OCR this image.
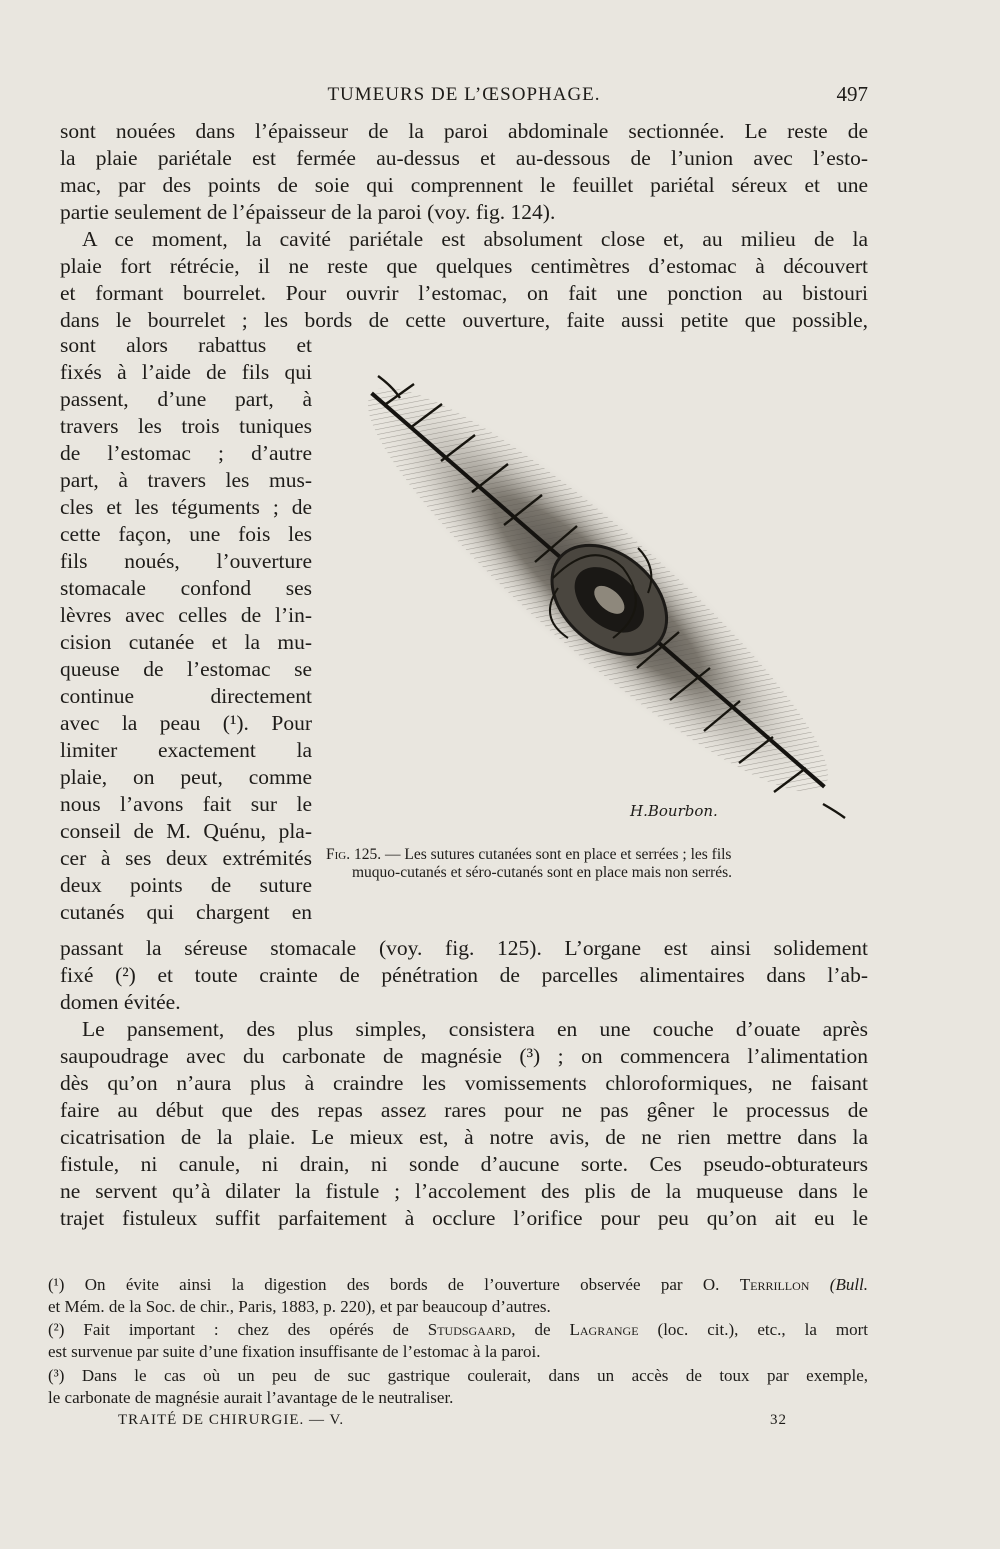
TUMEURS DE L’ŒSOPHAGE.	497
sont nouées dans l’épaisseur de la paroi abdominale sectionnée. Le reste de
la plaie pariétale est fermée au-dessus et au-dessous de l’union avec l’esto-
mac, par des points de soie qui comprennent le feuillet pariétal séreux et une
partie seulement de l’épaisseur de la paroi (voy. fig. 124).
A ce moment, la cavité pariétale est absolument close et, au milieu de la
plaie fort rétrécie, il ne reste que quelques centimètres d’estomac à découvert
et formant bourrelet. Pour ouvrir l’estomac, on fait une ponction au bistouri
dans le bourrelet ; les bords de cette ouverture, faite aussi petite que possible,
sont alors rabattus et
fixés à l’aide de fils qui
passent, d’une part, à
travers les trois tuniques
de l’estomac ; d’autre
part, à travers les mus-
cles et les téguments ; de
cette façon, une fois les
fils noués, l’ouverture
stomacale confond ses
lèvres avec celles de l’in-
cision cutanée et la mu-
queuse de l’estomac se
continue directement
avec la peau (¹). Pour
limiter exactement la
plaie, on peut, comme
nous l’avons fait sur le
conseil de M. Quénu, pla-
cer à ses deux extrémités
deux points de suture
cutanés qui chargent en
passant la séreuse stomacale (voy. fig. 125). L’organe est ainsi solidement
fixé (²) et toute crainte de pénétration de parcelles alimentaires dans l’ab-
domen évitée.
Le pansement, des plus simples, consistera en une couche d’ouate après
saupoudrage avec du carbonate de magnésie (³) ; on commencera l’alimentation
dès qu’on n’aura plus à craindre les vomissements chloroformiques, ne faisant
faire au début que des repas assez rares pour ne pas gêner le processus de
cicatrisation de la plaie. Le mieux est, à notre avis, de ne rien mettre dans la
fistule, ni canule, ni drain, ni sonde d’aucune sorte. Ces pseudo-obturateurs
ne servent qu’à dilater la fistule ; l’accolement des plis de la muqueuse dans le
trajet fistuleux suffit parfaitement à occlure l’orifice pour peu qu’on ait eu le
H.Bourbon.
Fig. 125. — Les sutures cutanées sont en place et serrées ; les fils
muquo-cutanés et séro-cutanés sont en place mais non serrés.
(¹) On évite ainsi la digestion des bords de l’ouverture observée par O. Terrillon (Bull.
et Mém. de la Soc. de chir., Paris, 1883, p. 220), et par beaucoup d’autres.
(²) Fait important : chez des opérés de Studsgaard, de Lagrange (loc. cit.), etc., la mort
est survenue par suite d’une fixation insuffisante de l’estomac à la paroi.
(³) Dans le cas où un peu de suc gastrique coulerait, dans un accès de toux par exemple,
le carbonate de magnésie aurait l’avantage de le neutraliser.
TRAITÉ DE CHIRURGIE. — V.	32
